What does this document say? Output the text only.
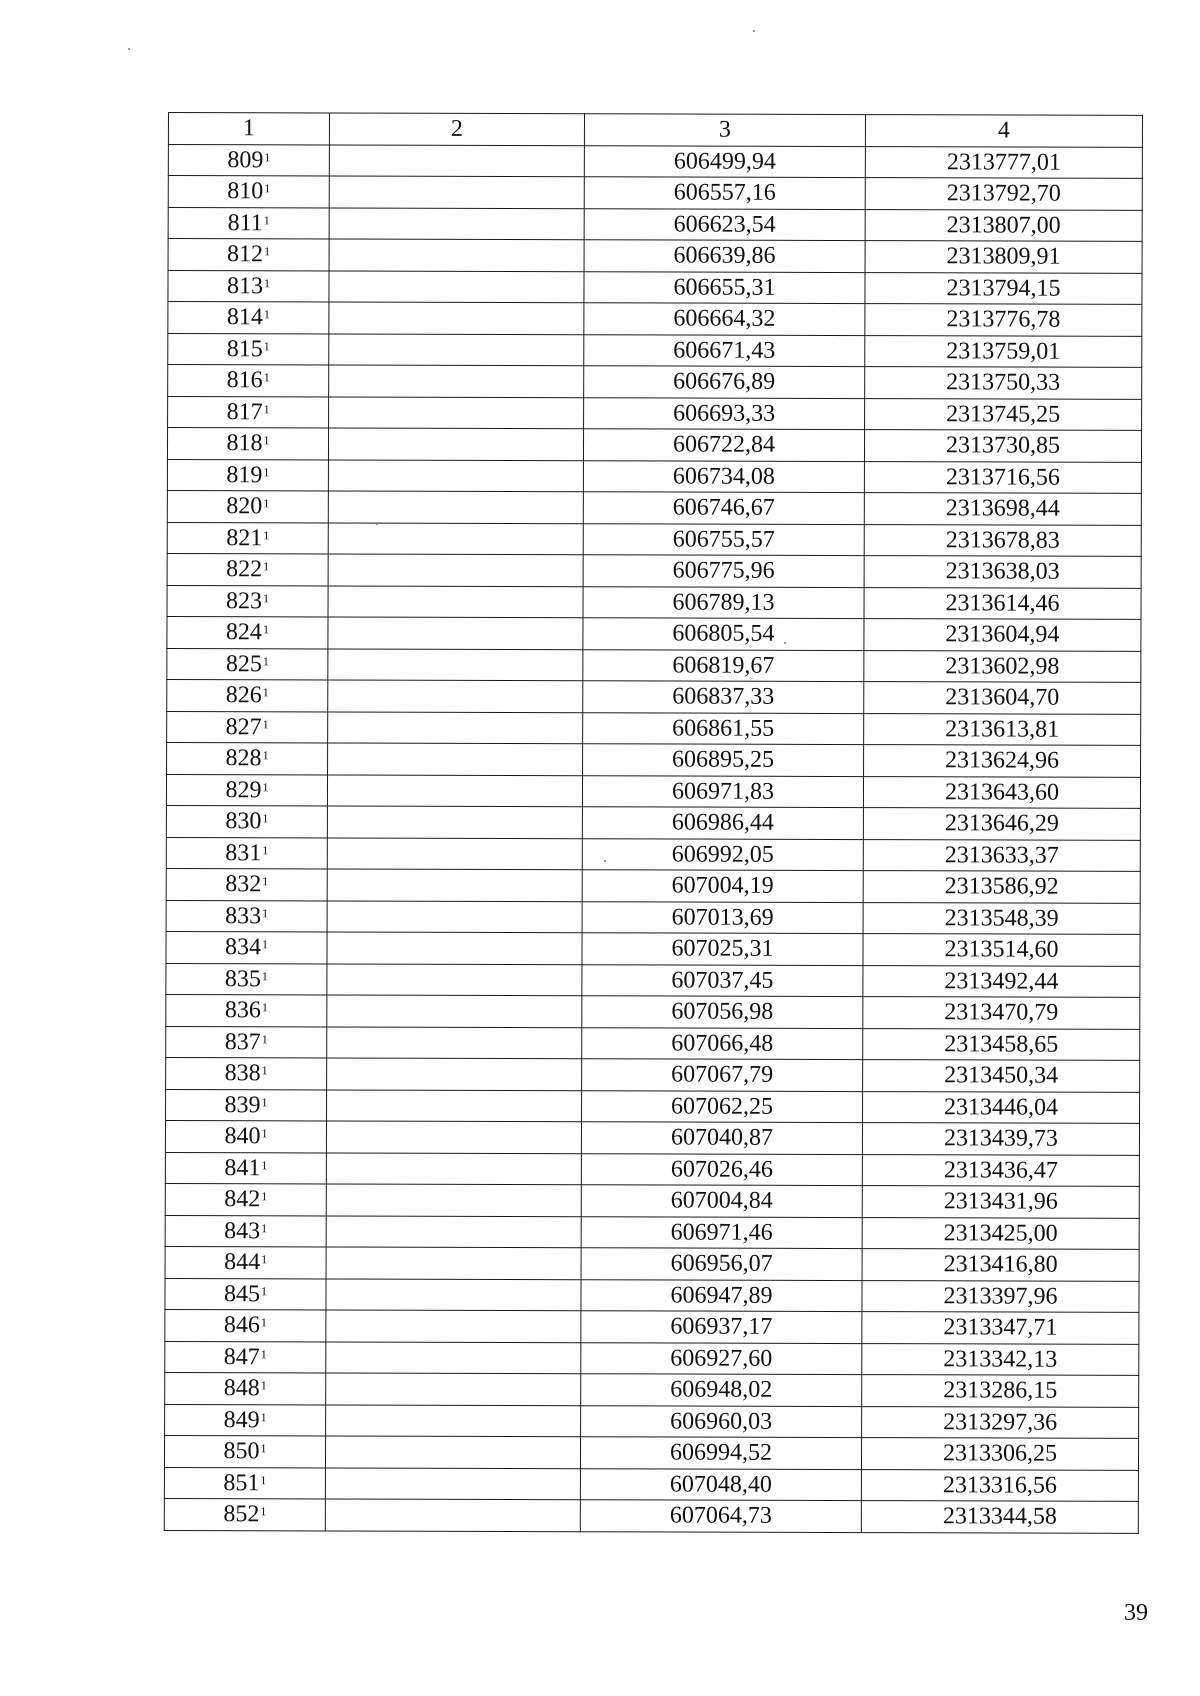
1	2	3	4
$809^1$		606499,94	2313777,01
$810^1$		606557,16	2313792,70
$811^1$		606623,54	2313807,00
$812^1$		606639,86	2313809,91
$813^1$		606655,31	2313794,15
$814^1$		606664,32	2313776,78
$815^1$		606671,43	2313759,01
$816^1$		606676,89	2313750,33
$817^1$		606693,33	2313745,25
$818^1$		606722,84	2313730,85
$819^1$		606734,08	2313716,56
$820^1$		606746,67	2313698,44
$821^1$		606755,57	2313678,83
$822^1$		606775,96	2313638,03
$823^1$		606789,13	2313614,46
$824^1$		606805,54	2313604,94
$825^1$		606819,67	2313602,98
$826^1$		606837,33	2313604,70
$827^1$		606861,55	2313613,81
$828^1$		606895,25	2313624,96
$829^1$		606971,83	2313643,60
$830^1$		606986,44	2313646,29
$831^1$		606992,05	2313633,37
$832^1$		607004,19	2313586,92
$833^1$		607013,69	2313548,39
$834^1$		607025,31	2313514,60
$835^1$		607037,45	2313492,44
$836^1$		607056,98	2313470,79
$837^1$		607066,48	2313458,65
$838^1$		607067,79	2313450,34
$839^1$		607062,25	2313446,04
$840^1$		607040,87	2313439,73
$841^1$		607026,46	2313436,47
$842^1$		607004,84	2313431,96
$843^1$		606971,46	2313425,00
$844^1$		606956,07	2313416,80
$845^1$		606947,89	2313397,96
$846^1$		606937,17	2313347,71
$847^1$		606927,60	2313342,13
$848^1$		606948,02	2313286,15
$849^1$		606960,03	2313297,36
$850^1$		606994,52	2313306,25
$851^1$		607048,40	2313316,56
$852^1$		607064,73	2313344,58
39
